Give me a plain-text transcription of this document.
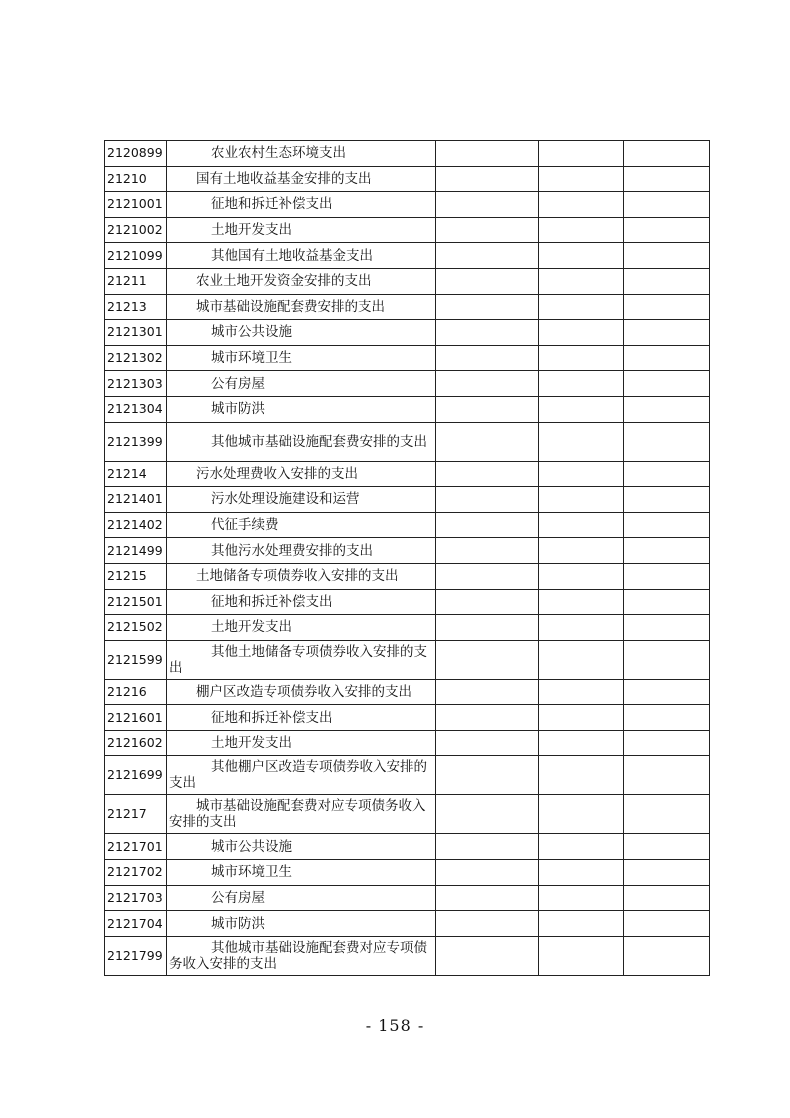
2120899	农业农村生态环境支出			

21210	国有土地收益基金安排的支出			

2121001	征地和拆迁补偿支出			

2121002	土地开发支出			

2121099	其他国有土地收益基金支出			

21211	农业土地开发资金安排的支出			

21213	城市基础设施配套费安排的支出			

2121301	城市公共设施			

2121302	城市环境卫生			

2121303	公有房屋			

2121304	城市防洪			

2121399	其他城市基础设施配套费安排的支出			

21214	污水处理费收入安排的支出			

2121401	污水处理设施建设和运营			

2121402	代征手续费			

2121499	其他污水处理费安排的支出			

21215	土地储备专项债券收入安排的支出			

2121501	征地和拆迁补偿支出			

2121502	土地开发支出			

2121599	其他土地储备专项债券收入安排的支出			

21216	棚户区改造专项债券收入安排的支出			

2121601	征地和拆迁补偿支出			

2121602	土地开发支出			

2121699	其他棚户区改造专项债券收入安排的支出			

21217	城市基础设施配套费对应专项债务收入安排的支出			

2121701	城市公共设施			

2121702	城市环境卫生			

2121703	公有房屋			

2121704	城市防洪			

2121799	其他城市基础设施配套费对应专项债务收入安排的支出			

- 158 -
